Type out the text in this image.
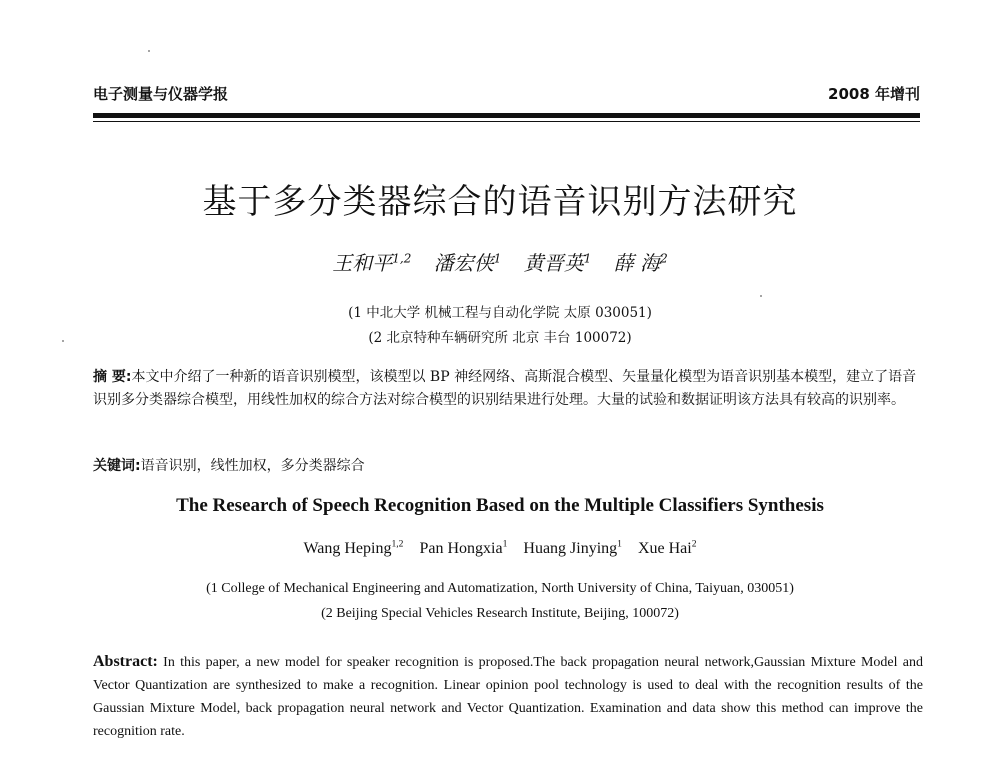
电子测量与仪器学报	2008 年增刊
基于多分类器综合的语音识别方法研究
王和平$^{1,2}$ 潘宏侠$^1$ 黄晋英$^1$ 薛 海$^2$
(1 中北大学 机械工程与自动化学院 太原 030051)
(2 北京特种车辆研究所 北京 丰台 100072)
摘 要:本文中介绍了一种新的语音识别模型，该模型以 BP 神经网络、高斯混合模型、矢量量化模型为语音识别基本模型，建立了语音识别多分类器综合模型，用线性加权的综合方法对综合模型的识别结果进行处理。大量的试验和数据证明该方法具有较高的识别率。
关键词:语音识别，线性加权，多分类器综合
The Research of Speech Recognition Based on the Multiple Classifiers Synthesis
Wang Heping$^{1,2}$ Pan Hongxia$^1$ Huang Jinying$^1$ Xue Hai$^2$
(1 College of Mechanical Engineering and Automatization, North University of China, Taiyuan, 030051)
(2 Beijing Special Vehicles Research Institute, Beijing, 100072)
Abstract: In this paper, a new model for speaker recognition is proposed.The back propagation neural network,Gaussian Mixture Model and Vector Quantization are synthesized to make a recognition. Linear opinion pool technology is used to deal with the recognition results of the Gaussian Mixture Model, back propagation neural network and Vector Quantization. Examination and data show this method can improve the recognition rate.
